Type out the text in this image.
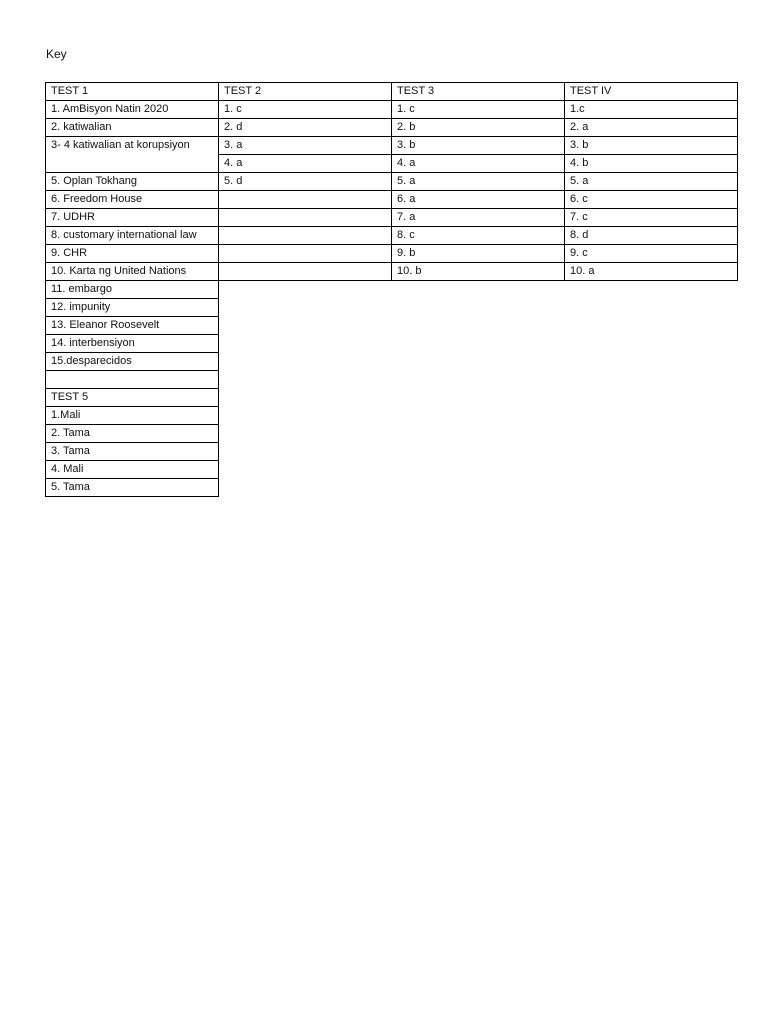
Key
TEST 1	TEST 2	TEST 3	TEST IV
1. AmBisyon Natin 2020	1. c	1. c	1.c
2. katiwalian	2. d	2. b	2. a
3- 4 katiwalian at korupsiyon	3. a	3. b	3. b
	4. a	4. a	4. b
5. Oplan Tokhang	5. d	5. a	5. a
6. Freedom House		6. a	6. c
7. UDHR		7. a	7. c
8. customary international law		8. c	8. d
9. CHR		9. b	9. c
10. Karta ng United Nations		10. b	10. a
11. embargo			
12. impunity			
13. Eleanor Roosevelt			
14. interbensiyon			
15.desparecidos			

TEST 5			
1.Mali			
2. Tama			
3. Tama			
4. Mali			
5. Tama			
